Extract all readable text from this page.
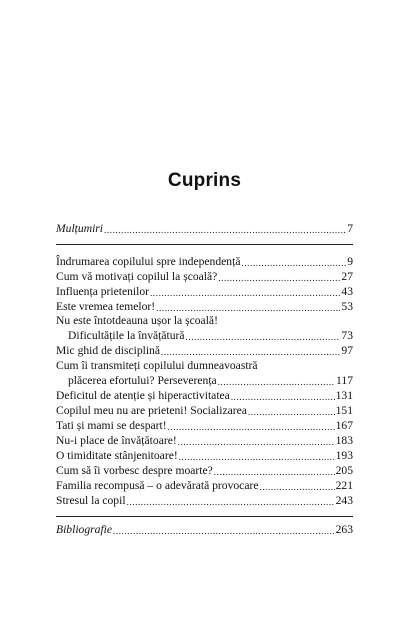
Cuprins
Mulțumiri .....	7
Îndrumarea copilului spre independență .....	9
Cum vă motivați copilul la școală? .....	27
Influența prietenilor .....	43
Este vremea temelor! .....	53
Nu este întotdeauna ușor la școală!
Dificultățile la învățătură .....	73
Mic ghid de disciplină .....	97
Cum îi transmiteți copilului dumneavoastră
plăcerea efortului? Perseverența .....	117
Deficitul de atenție și hiperactivitatea .....	131
Copilul meu nu are prieteni! Socializarea .....	151
Tati și mami se despart! .....	167
Nu-i place de învățătoare! .....	183
O timiditate stânjenitoare! .....	193
Cum să îi vorbesc despre moarte? .....	205
Familia recompusă – o adevărată provocare .....	221
Stresul la copil .....	243
Bibliografie .....	263
